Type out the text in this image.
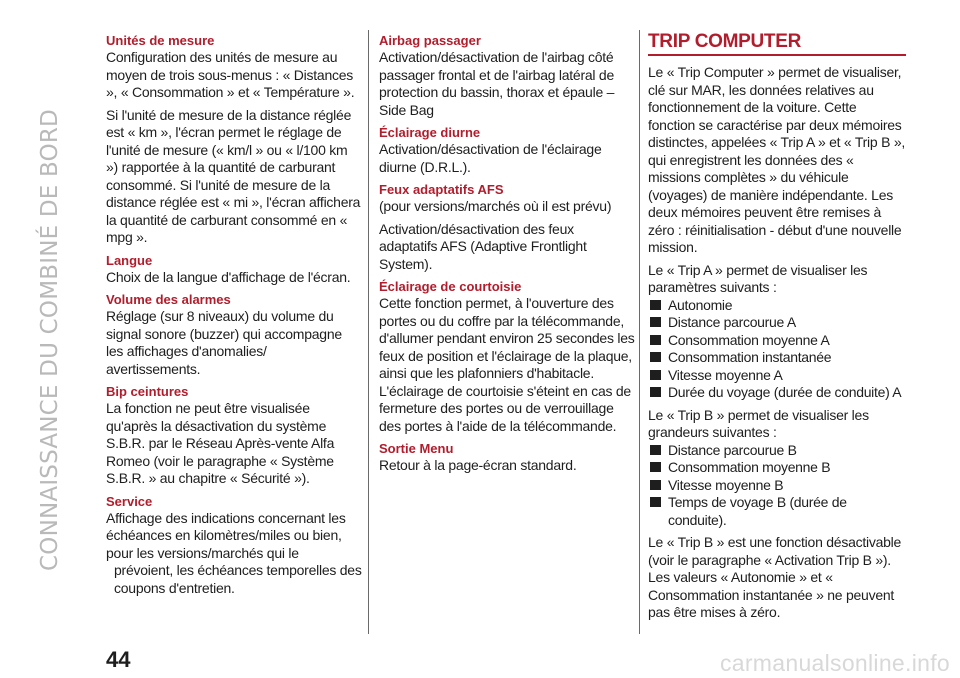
CONNAISSANCE DU COMBINÉ DE BORD
Unités de mesure

Configuration des unités de mesure au moyen de trois sous-menus : « Distances », « Consommation » et « Température ».

Si l'unité de mesure de la distance réglée est « km », l'écran permet le réglage de l'unité de mesure (« km/l » ou « l/100 km ») rapportée à la quantité de carburant consommé. Si l'unité de mesure de la distance réglée est « mi », l'écran affichera la quantité de carburant consommé en « mpg ».

Langue

Choix de la langue d'affichage de l'écran.

Volume des alarmes

Réglage (sur 8 niveaux) du volume du signal sonore (buzzer) qui accompagne les affichages d'anomalies/ avertissements.

Bip ceintures

La fonction ne peut être visualisée qu'après la désactivation du système S.B.R. par le Réseau Après-vente Alfa Romeo (voir le paragraphe « Système S.B.R. » au chapitre « Sécurité »).

Service

Affichage des indications concernant les échéances en kilomètres/miles ou bien, pour les versions/marchés qui le

prévoient, les échéances temporelles des coupons d'entretien.

Airbag passager

Activation/désactivation de l'airbag côté passager frontal et de l'airbag latéral de protection du bassin, thorax et épaule – Side Bag

Éclairage diurne

Activation/désactivation de l'éclairage diurne (D.R.L.).

Feux adaptatifs AFS

(pour versions/marchés où il est prévu)

Activation/désactivation des feux adaptatifs AFS (Adaptive Frontlight System).

Éclairage de courtoisie

Cette fonction permet, à l'ouverture des portes ou du coffre par la télécommande, d'allumer pendant environ 25 secondes les feux de position et l'éclairage de la plaque, ainsi que les plafonniers d'habitacle. L'éclairage de courtoisie s'éteint en cas de fermeture des portes ou de verrouillage des portes à l'aide de la télécommande.

Sortie Menu

Retour à la page-écran standard.

TRIP COMPUTER

Le « Trip Computer » permet de visualiser, clé sur MAR, les données relatives au fonctionnement de la voiture. Cette fonction se caractérise par deux mémoires distinctes, appelées « Trip A » et « Trip B », qui enregistrent les données des « missions complètes » du véhicule (voyages) de manière indépendante. Les deux mémoires peuvent être remises à zéro : réinitialisation - début d'une nouvelle mission.

Le « Trip A » permet de visualiser les paramètres suivants :

Autonomie
Distance parcourue A
Consommation moyenne A
Consommation instantanée
Vitesse moyenne A
Durée du voyage (durée de conduite) A

Le « Trip B » permet de visualiser les grandeurs suivantes :

Distance parcourue B
Consommation moyenne B
Vitesse moyenne B
Temps de voyage B (durée de conduite).

Le « Trip B » est une fonction désactivable (voir le paragraphe « Activation Trip B »). Les valeurs « Autonomie » et « Consommation instantanée » ne peuvent pas être mises à zéro.

44	carmanualsonline.info
